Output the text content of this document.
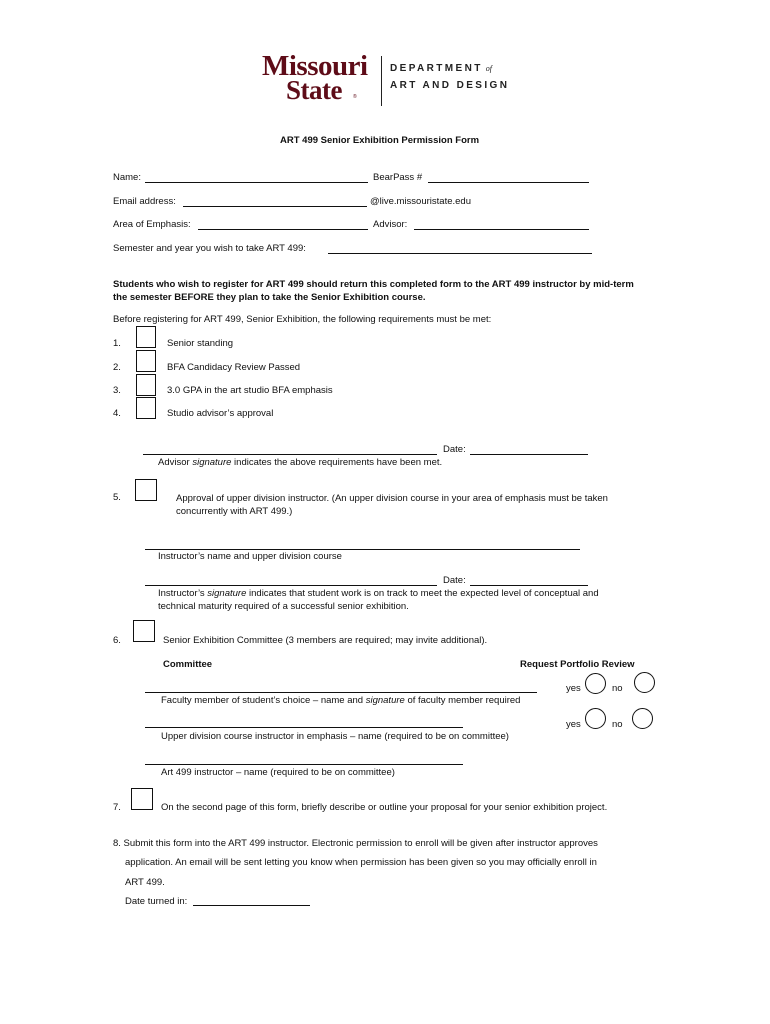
Missouri
State ®
DEPARTMENT of
ART AND DESIGN
ART 499 Senior Exhibition Permission Form
Name:	BearPass #
Email address:	@live.missouristate.edu
Area of Emphasis:	Advisor:
Semester and year you wish to take ART 499:
Students who wish to register for ART 499 should return this completed form to the ART 499 instructor by mid-term the semester BEFORE they plan to take the Senior Exhibition course.
Before registering for ART 499, Senior Exhibition, the following requirements must be met:
1.	Senior standing
2.	BFA Candidacy Review Passed
3.	3.0 GPA in the art studio BFA emphasis
4.	Studio advisor’s approval
Date:
Advisor signature indicates the above requirements have been met.
5.	Approval of upper division instructor. (An upper division course in your area of emphasis must be taken concurrently with ART 499.)
Instructor’s name and upper division course
Date:
Instructor’s signature indicates that student work is on track to meet the expected level of conceptual and technical maturity required of a successful senior exhibition.
6.	Senior Exhibition Committee (3 members are required; may invite additional).
Committee	Request Portfolio Review
yes	no
Faculty member of student’s choice – name and signature of faculty member required
yes	no
Upper division course instructor in emphasis – name (required to be on committee)
Art 499 instructor – name (required to be on committee)
7.	On the second page of this form, briefly describe or outline your proposal for your senior exhibition project.
8. Submit this form into the ART 499 instructor. Electronic permission to enroll will be given after instructor approves
application. An email will be sent letting you know when permission has been given so you may officially enroll in
ART 499.
Date turned in:
